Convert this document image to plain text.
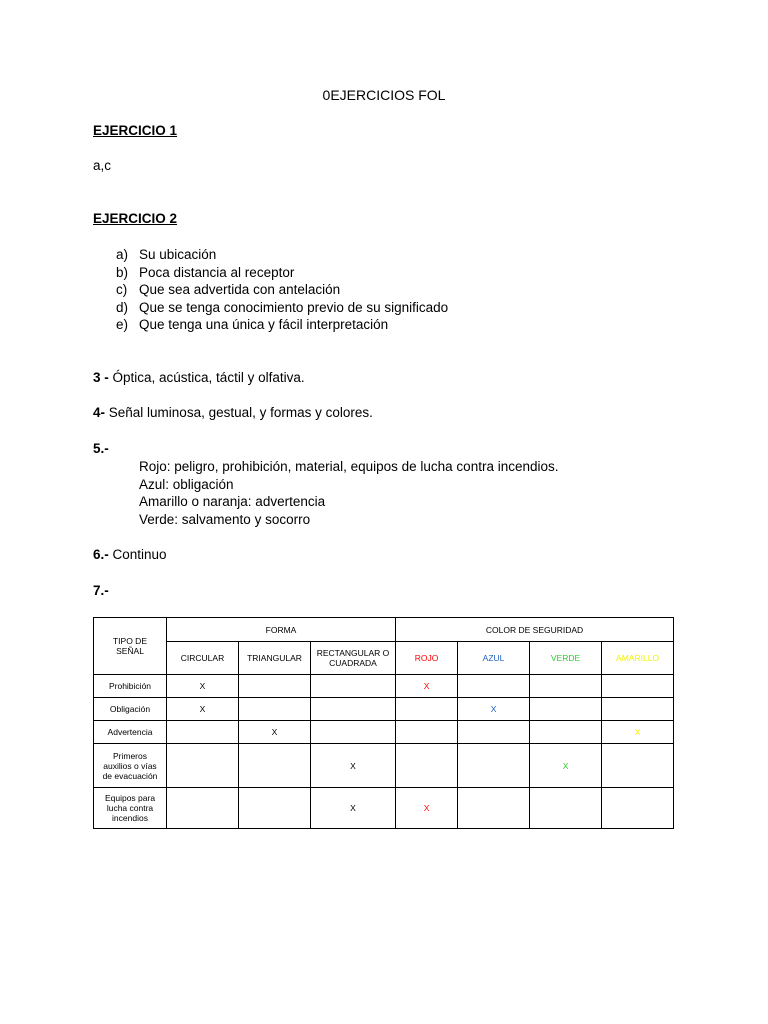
0EJERCICIOS FOL
EJERCICIO 1
a,c
EJERCICIO 2
a) Su ubicación
b) Poca distancia al receptor
c) Que sea advertida con antelación
d) Que se tenga conocimiento previo de su significado
e) Que tenga una única y fácil interpretación
3 - Óptica, acústica, táctil y olfativa.
4- Señal luminosa, gestual, y formas y colores.
5.-
Rojo: peligro, prohibición, material, equipos de lucha contra incendios.
Azul: obligación
Amarillo o naranja: advertencia
Verde: salvamento y socorro
6.- Continuo
7.-
TIPO DE SEÑAL	FORMA			COLOR DE SEGURIDAD			
	CIRCULAR	TRIANGULAR	RECTANGULAR O CUADRADA	ROJO	AZUL	VERDE	AMARILLO
Prohibición	X			X			
Obligación	X				X		
Advertencia		X					X
Primeros auxilios o vías de evacuación			X			X	
Equipos para lucha contra incendios			X	X			
